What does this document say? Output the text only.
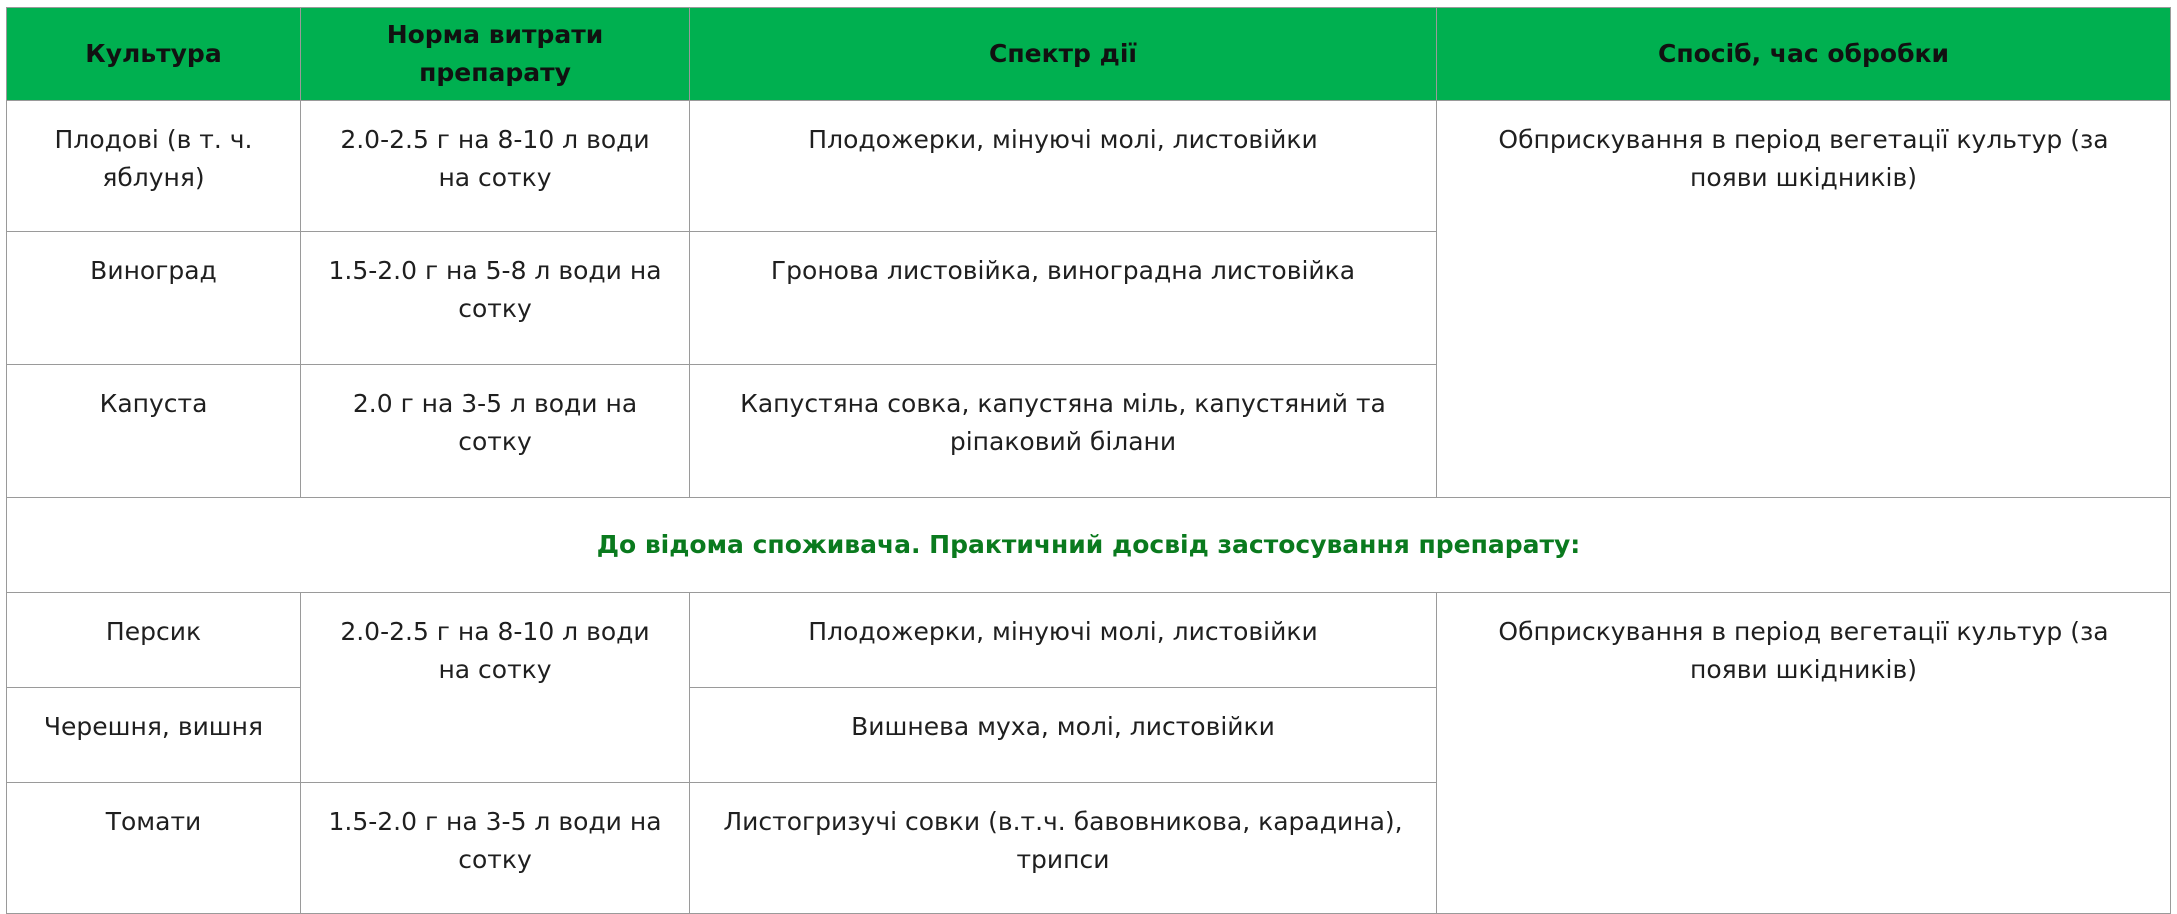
Культура	Норма витрати препарату	Спектр дії	Спосіб, час обробки
Плодові (в т. ч. яблуня)	2.0-2.5 г на 8-10 л води на сотку	Плодожерки, мінуючі молі, листовійки	Обприскування в період вегетації культур (за появи шкідників)
Виноград	1.5-2.0 г на 5-8 л води на сотку	Гронова листовійка, виноградна листовійка	
Капуста	2.0 г на 3-5 л води на сотку	Капустяна совка, капустяна міль, капустяний та ріпаковий білани	
До відома споживача. Практичний досвід застосування препарату:			
Персик	2.0-2.5 г на 8-10 л води на сотку	Плодожерки, мінуючі молі, листовійки	Обприскування в період вегетації культур (за появи шкідників)
Черешня, вишня		Вишнева муха, молі, листовійки	
Томати	1.5-2.0 г на 3-5 л води на сотку	Листогризучі совки (в.т.ч. бавовникова, карадина), трипси	
